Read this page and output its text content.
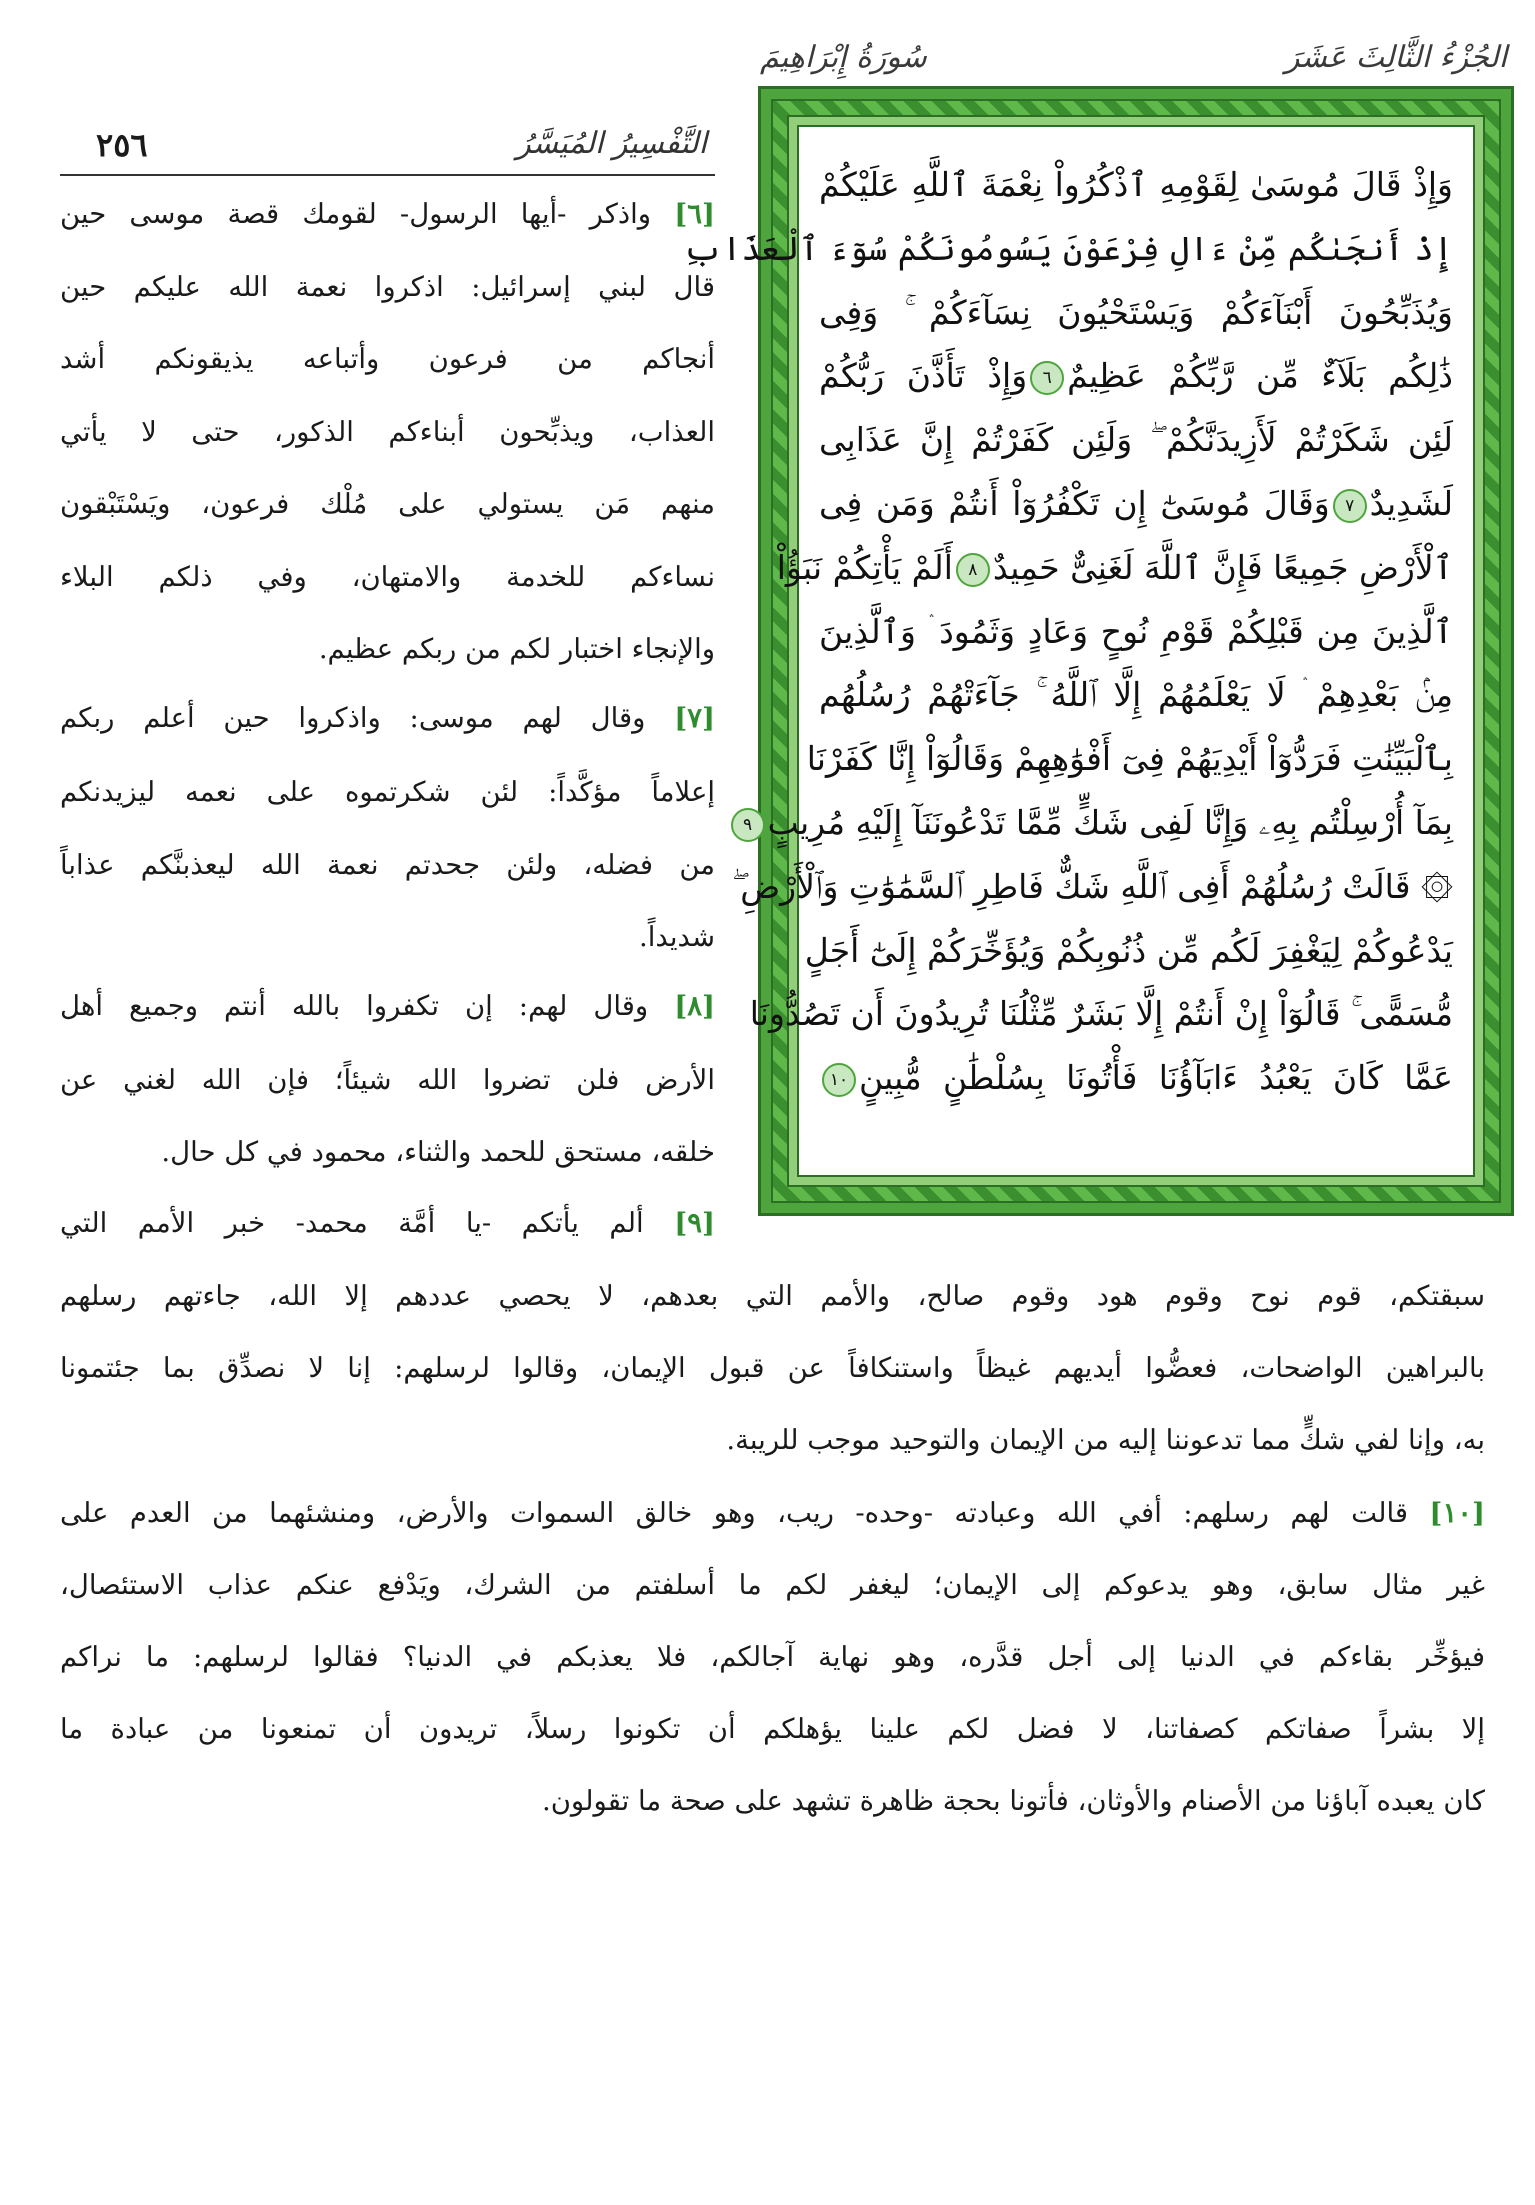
الجُزْءُ الثَّالِثَ عَشَرَ
سُورَةُ إِبْرَاهِيمَ
التَّفْسِيرُ المُيَسَّرُ
٢٥٦
وَإِذْ قَالَ مُوسَىٰ لِقَوْمِهِ ٱذْكُرُواْ نِعْمَةَ ٱللَّهِ عَلَيْكُمْ
إِذْ أَنجَىٰكُم مِّنْ ءَالِ فِرْعَوْنَ يَسُومُونَكُمْ سُوٓءَ ٱلْعَذَابِ
وَيُذَبِّحُونَ أَبْنَآءَكُمْ وَيَسْتَحْيُونَ نِسَآءَكُمْ ۚ وَفِى
ذَٰلِكُم بَلَآءٌ مِّن رَّبِّكُمْ عَظِيمٌ٦وَإِذْ تَأَذَّنَ رَبُّكُمْ
لَئِن شَكَرْتُمْ لَأَزِيدَنَّكُمْ ۖ وَلَئِن كَفَرْتُمْ إِنَّ عَذَابِى
لَشَدِيدٌ٧وَقَالَ مُوسَىٰٓ إِن تَكْفُرُوٓاْ أَنتُمْ وَمَن فِى
ٱلْأَرْضِ جَمِيعًا فَإِنَّ ٱللَّهَ لَغَنِىٌّ حَمِيدٌ٨أَلَمْ يَأْتِكُمْ نَبَؤُاْ
ٱلَّذِينَ مِن قَبْلِكُمْ قَوْمِ نُوحٍ وَعَادٍ وَثَمُودَ ۛ وَٱلَّذِينَ
مِنۢ بَعْدِهِمْ ۛ لَا يَعْلَمُهُمْ إِلَّا ٱللَّهُ ۚ جَآءَتْهُمْ رُسُلُهُم
بِٱلْبَيِّنَٰتِ فَرَدُّوٓاْ أَيْدِيَهُمْ فِىٓ أَفْوَٰهِهِمْ وَقَالُوٓاْ إِنَّا كَفَرْنَا
بِمَآ أُرْسِلْتُم بِهِۦ وَإِنَّا لَفِى شَكٍّ مِّمَّا تَدْعُونَنَآ إِلَيْهِ مُرِيبٍ٩
۞ قَالَتْ رُسُلُهُمْ أَفِى ٱللَّهِ شَكٌّ فَاطِرِ ٱلسَّمَٰوَٰتِ وَٱلْأَرْضِ ۖ
يَدْعُوكُمْ لِيَغْفِرَ لَكُم مِّن ذُنُوبِكُمْ وَيُؤَخِّرَكُمْ إِلَىٰٓ أَجَلٍ
مُّسَمًّى ۚ قَالُوٓاْ إِنْ أَنتُمْ إِلَّا بَشَرٌ مِّثْلُنَا تُرِيدُونَ أَن تَصُدُّونَا
عَمَّا كَانَ يَعْبُدُ ءَابَآؤُنَا فَأْتُونَا بِسُلْطَٰنٍ مُّبِينٍ١٠
[٦] واذكر -أيها الرسول- لقومك قصة موسى حين
قال لبني إسرائيل: اذكروا نعمة الله عليكم حين
أنجاكم من فرعون وأتباعه يذيقونكم أشد
العذاب، ويذبِّحون أبناءكم الذكور، حتى لا يأتي
منهم مَن يستولي على مُلْك فرعون، ويَسْتَبْقون
نساءكم للخدمة والامتهان، وفي ذلكم البلاء
والإنجاء اختبار لكم من ربكم عظيم.
[٧] وقال لهم موسى: واذكروا حين أعلم ربكم
إعلاماً مؤكَّداً: لئن شكرتموه على نعمه ليزيدنكم
من فضله، ولئن جحدتم نعمة الله ليعذبنَّكم عذاباً
شديداً.
[٨] وقال لهم: إن تكفروا بالله أنتم وجميع أهل
الأرض فلن تضروا الله شيئاً؛ فإن الله لغني عن
خلقه، مستحق للحمد والثناء، محمود في كل حال.
[٩] ألم يأتكم -يا أمَّة محمد- خبر الأمم التي
سبقتكم، قوم نوح وقوم هود وقوم صالح، والأمم التي بعدهم، لا يحصي عددهم إلا الله، جاءتهم رسلهم
بالبراهين الواضحات، فعضُّوا أيديهم غيظاً واستنكافاً عن قبول الإيمان، وقالوا لرسلهم: إنا لا نصدِّق بما جئتمونا
به، وإنا لفي شكٍّ مما تدعوننا إليه من الإيمان والتوحيد موجب للريبة.
[١٠] قالت لهم رسلهم: أفي الله وعبادته -وحده- ريب، وهو خالق السموات والأرض، ومنشئهما من العدم على
غير مثال سابق، وهو يدعوكم إلى الإيمان؛ ليغفر لكم ما أسلفتم من الشرك، ويَدْفع عنكم عذاب الاستئصال،
فيؤخِّر بقاءكم في الدنيا إلى أجل قدَّره، وهو نهاية آجالكم، فلا يعذبكم في الدنيا؟ فقالوا لرسلهم: ما نراكم
إلا بشراً صفاتكم كصفاتنا، لا فضل لكم علينا يؤهلكم أن تكونوا رسلاً، تريدون أن تمنعونا من عبادة ما
كان يعبده آباؤنا من الأصنام والأوثان، فأتونا بحجة ظاهرة تشهد على صحة ما تقولون.
